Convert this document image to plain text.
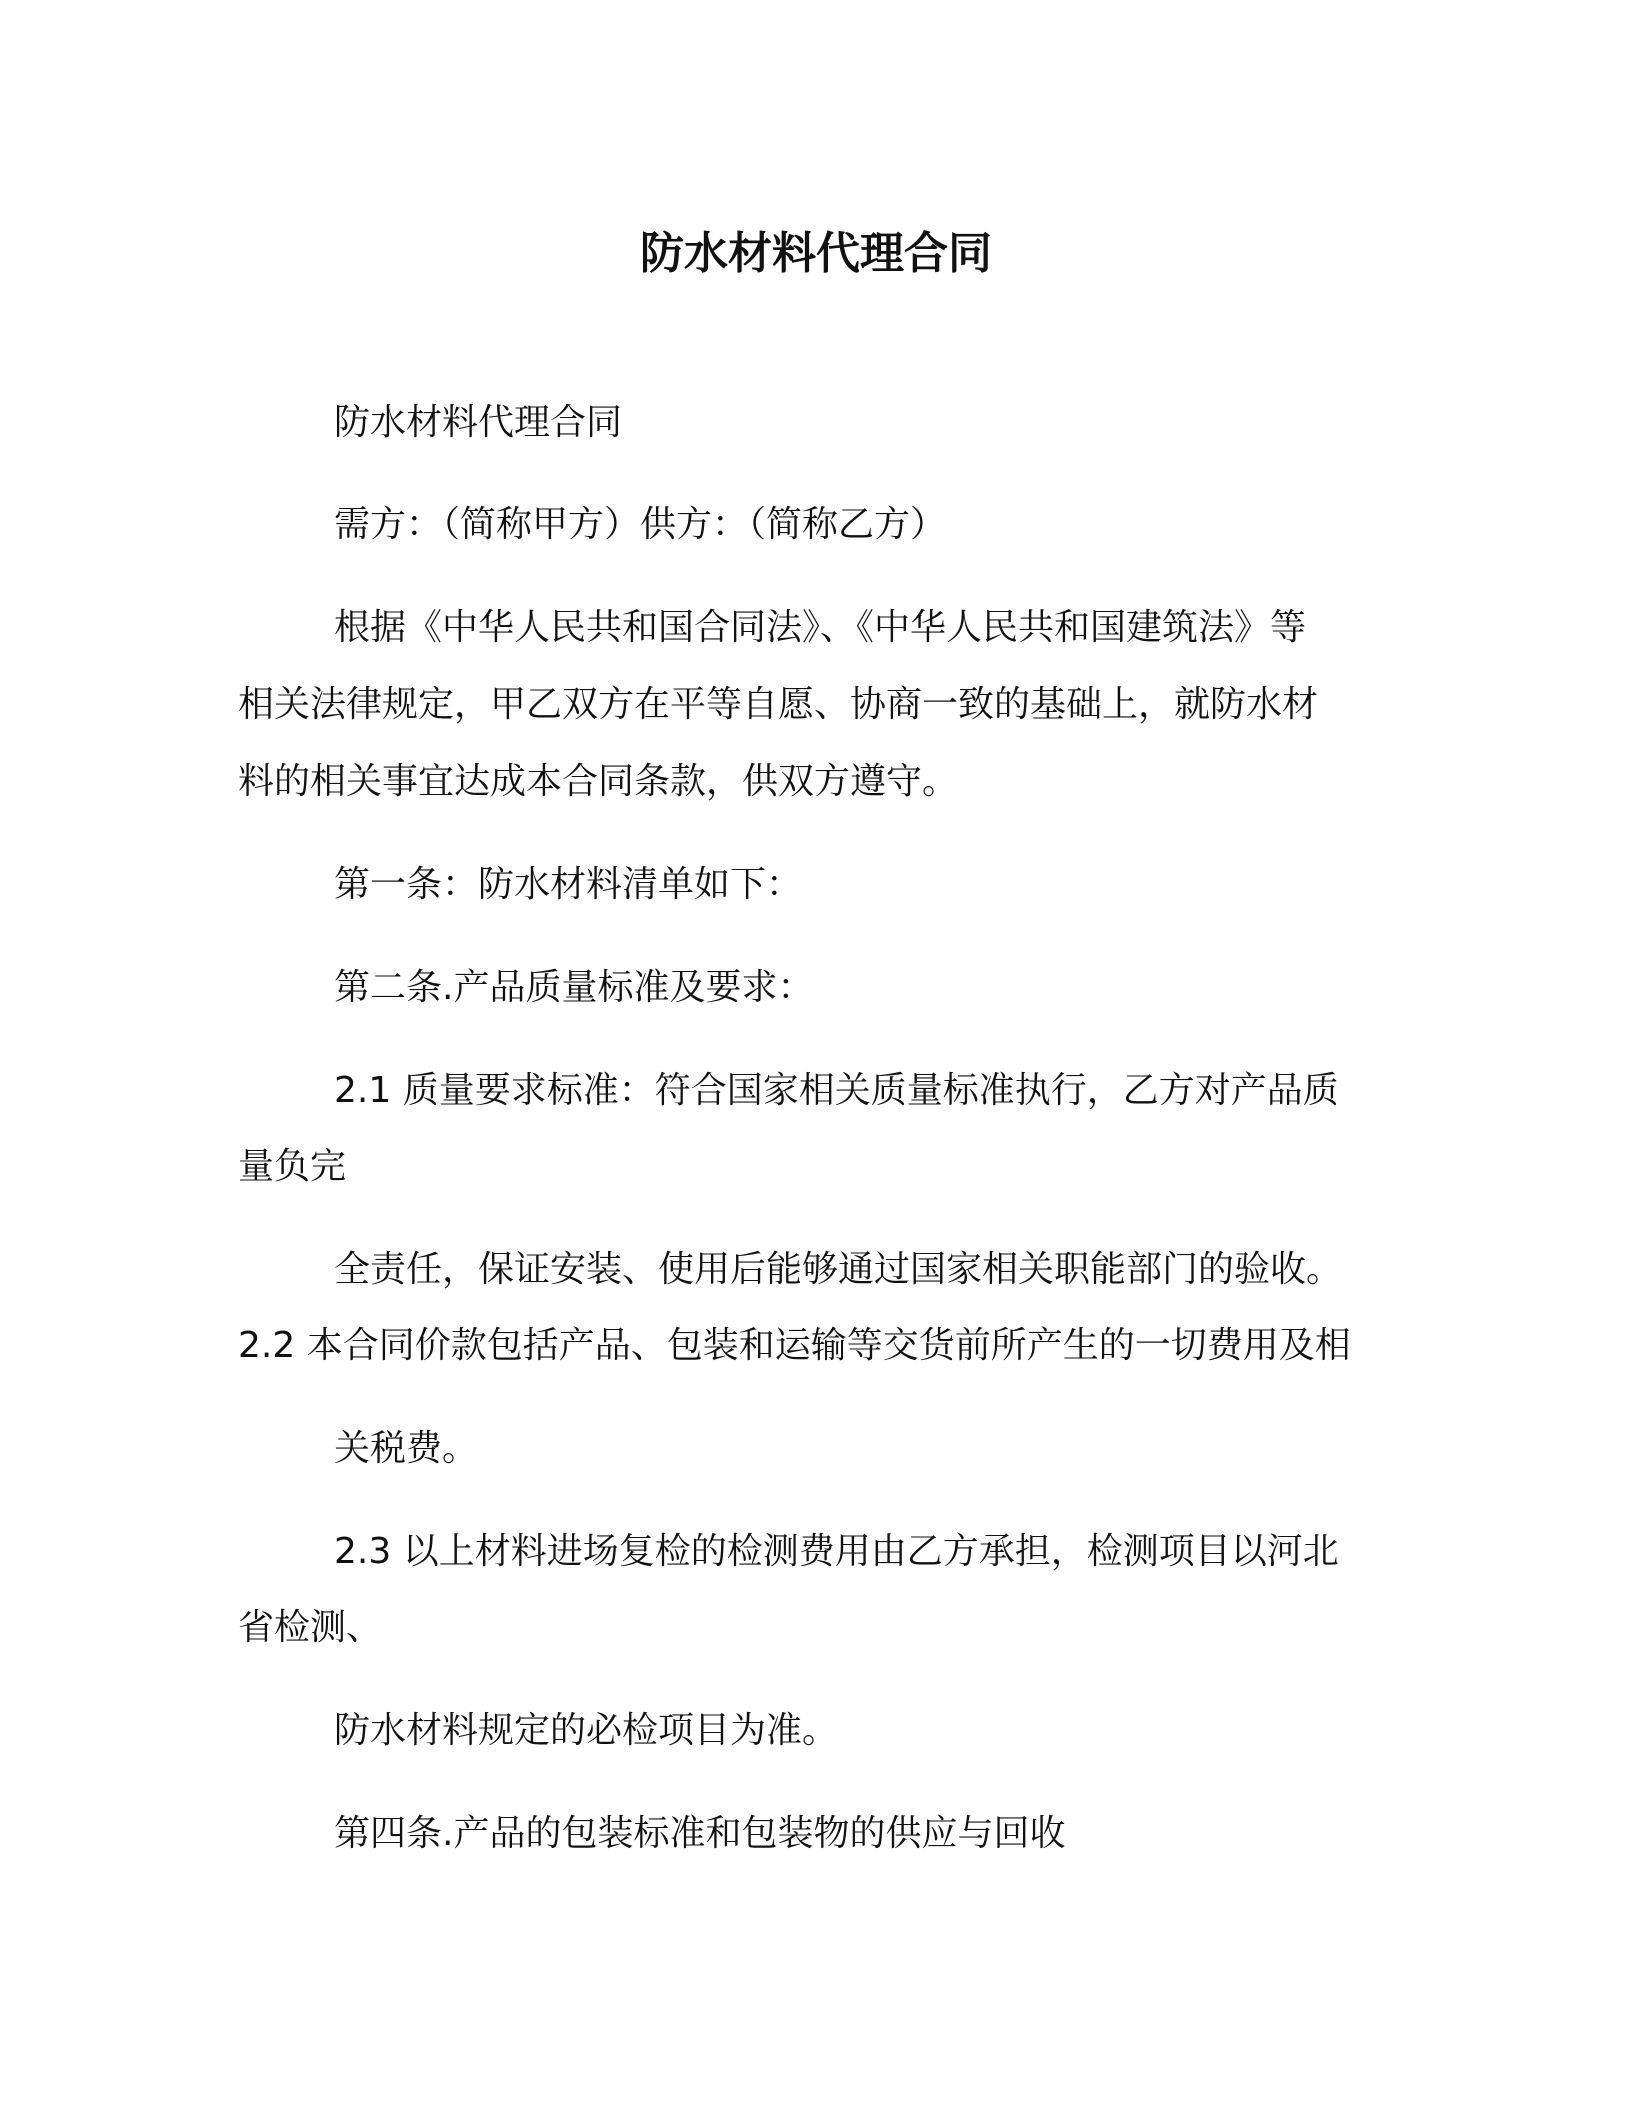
防水材料代理合同
防水材料代理合同
需方：（简称甲方）供方：（简称乙方）
根据《中华人民共和国合同法》、《中华人民共和国建筑法》等
相关法律规定，甲乙双方在平等自愿、协商一致的基础上，就防水材
料的相关事宜达成本合同条款，供双方遵守。
第一条：防水材料清单如下：
第二条.产品质量标准及要求：
2.1 质量要求标准：符合国家相关质量标准执行，乙方对产品质
量负完
全责任，保证安装、使用后能够通过国家相关职能部门的验收。
2.2 本合同价款包括产品、包装和运输等交货前所产生的一切费用及相
关税费。
2.3 以上材料进场复检的检测费用由乙方承担，检测项目以河北
省检测、
防水材料规定的必检项目为准。
第四条.产品的包装标准和包装物的供应与回收
